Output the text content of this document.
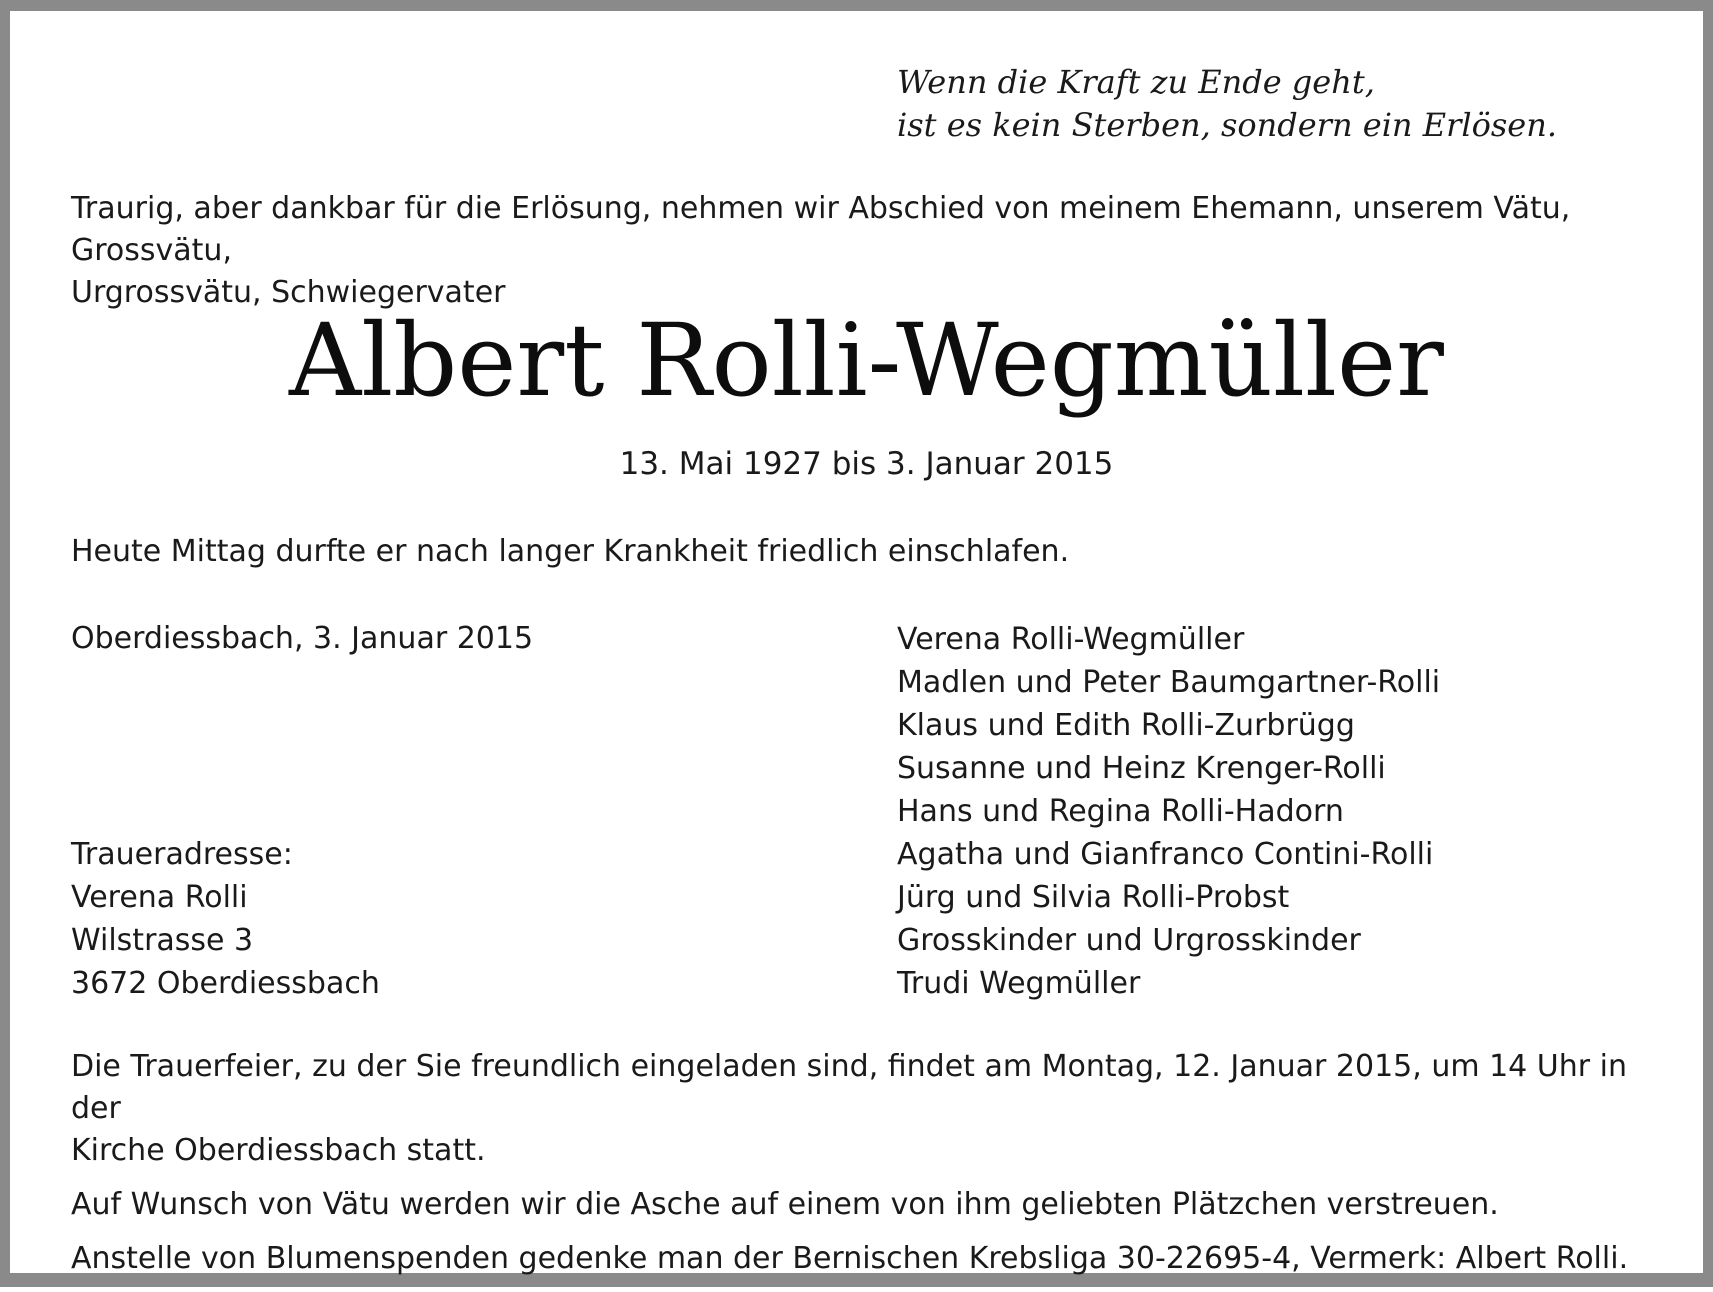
Wenn die Kraft zu Ende geht,
ist es kein Sterben, sondern ein Erlösen.

Traurig, aber dankbar für die Erlösung, nehmen wir Abschied von meinem Ehemann, unserem Vätu, Grossvätu,
Urgrossvätu, Schwiegervater

Albert Rolli-Wegmüller

13. Mai 1927 bis 3. Januar 2015

Heute Mittag durfte er nach langer Krankheit friedlich einschlafen.

Oberdiessbach, 3. Januar 2015

Traueradresse:
Verena Rolli
Wilstrasse 3
3672 Oberdiessbach
Verena Rolli-Wegmüller
Madlen und Peter Baumgartner-Rolli
Klaus und Edith Rolli-Zurbrügg
Susanne und Heinz Krenger-Rolli
Hans und Regina Rolli-Hadorn
Agatha und Gianfranco Contini-Rolli
Jürg und Silvia Rolli-Probst
Grosskinder und Urgrosskinder
Trudi Wegmüller

Die Trauerfeier, zu der Sie freundlich eingeladen sind, findet am Montag, 12. Januar 2015, um 14 Uhr in der
Kirche Oberdiessbach statt.

Auf Wunsch von Vätu werden wir die Asche auf einem von ihm geliebten Plätzchen verstreuen.

Anstelle von Blumenspenden gedenke man der Bernischen Krebsliga 30-22695-4, Vermerk: Albert Rolli.
